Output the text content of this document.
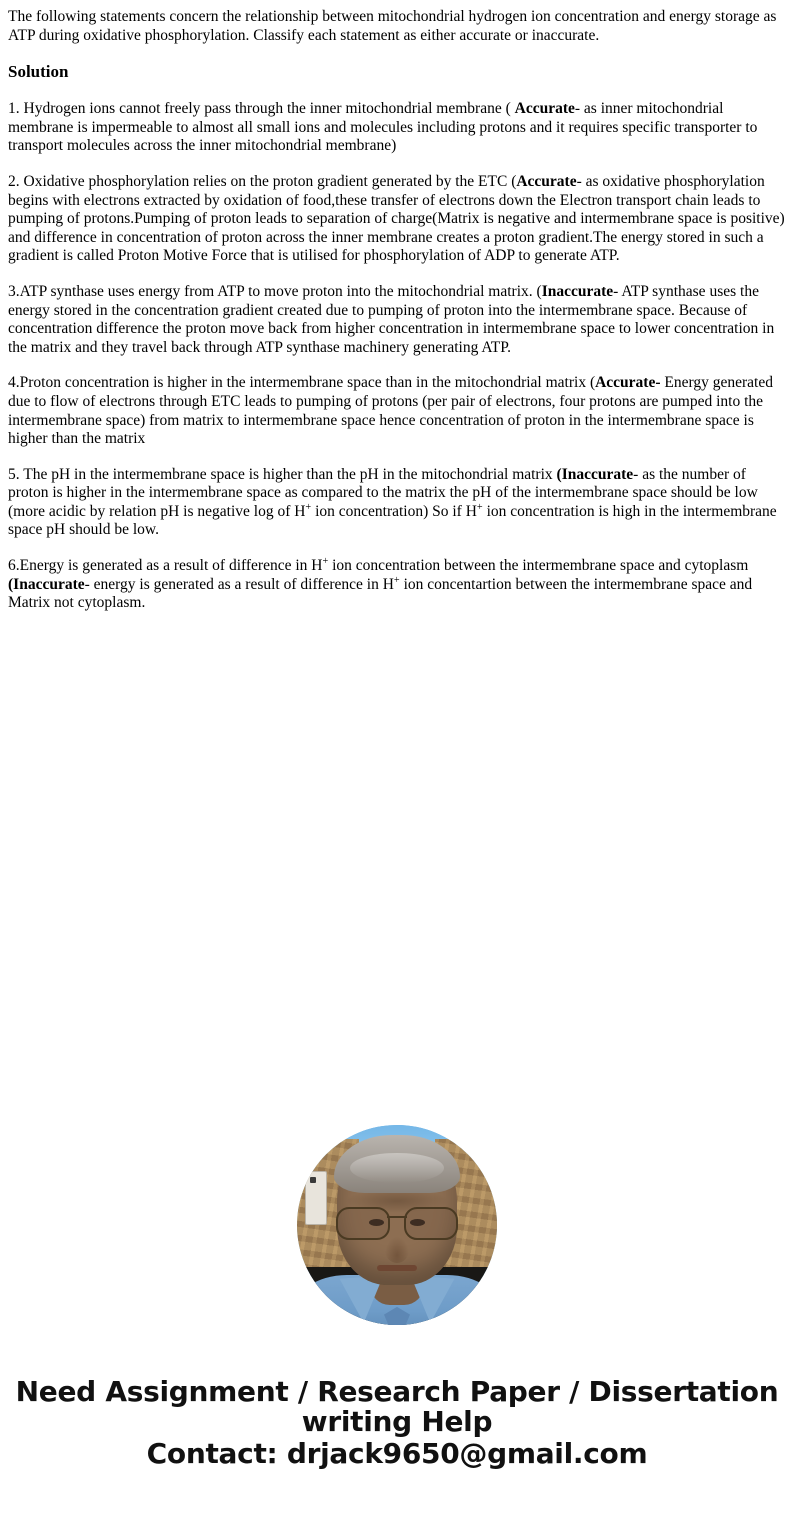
The following statements concern the relationship between mitochondrial hydrogen ion concentration and energy storage as ATP during oxidative phosphorylation. Classify each statement as either accurate or inaccurate.

Solution

1. Hydrogen ions cannot freely pass through the inner mitochondrial membrane ( Accurate- as inner mitochondrial membrane is impermeable to almost all small ions and molecules including protons and it requires specific transporter to transport molecules across the inner mitochondrial membrane)

2. Oxidative phosphorylation relies on the proton gradient generated by the ETC (Accurate- as oxidative phosphorylation begins with electrons extracted by oxidation of food,these transfer of electrons down the Electron transport chain leads to pumping of protons.Pumping of proton leads to separation of charge(Matrix is negative and intermembrane space is positive) and difference in concentration of proton across the inner membrane creates a proton gradient.The energy stored in such a gradient is called Proton Motive Force that is utilised for phosphorylation of ADP to generate ATP.

3.ATP synthase uses energy from ATP to move proton into the mitochondrial matrix. (Inaccurate- ATP synthase uses the energy stored in the concentration gradient created due to pumping of proton into the intermembrane space. Because of concentration difference the proton move back from higher concentration in intermembrane space to lower concentration in the matrix and they travel back through ATP synthase machinery generating ATP.

4.Proton concentration is higher in the intermembrane space than in the mitochondrial matrix (Accurate- Energy generated due to flow of electrons through ETC leads to pumping of protons (per pair of electrons, four protons are pumped into the intermembrane space) from matrix to intermembrane space hence concentration of proton in the intermembrane space is higher than the matrix

5. The pH in the intermembrane space is higher than the pH in the mitochondrial matrix (Inaccurate- as the number of proton is higher in the intermembrane space as compared to the matrix the pH of the intermembrane space should be low (more acidic by relation pH is negative log of H+ ion concentration) So if H+ ion concentration is high in the intermembrane space pH should be low.

6.Energy is generated as a result of difference in H+ ion concentration between the intermembrane space and cytoplasm (Inaccurate- energy is generated as a result of difference in H+ ion concentartion between the intermembrane space and Matrix not cytoplasm.

Need Assignment / Research Paper / Dissertation
writing Help
Contact: drjack9650@gmail.com
